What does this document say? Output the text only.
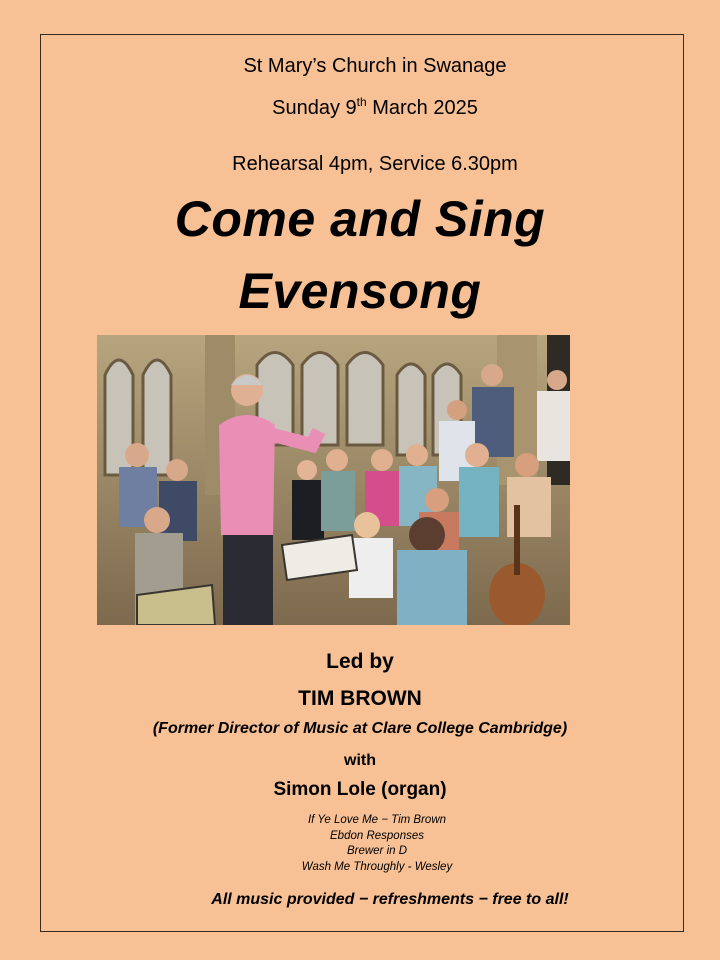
St Mary’s Church in Swanage
Sunday 9th March 2025
Rehearsal 4pm, Service 6.30pm
Come and Sing
Evensong
Led by
TIM BROWN
(Former Director of Music at Clare College Cambridge)
with
Simon Lole (organ)
If Ye Love Me − Tim Brown
Ebdon Responses
Brewer in D
Wash Me Throughly - Wesley
All music provided − refreshments − free to all!
